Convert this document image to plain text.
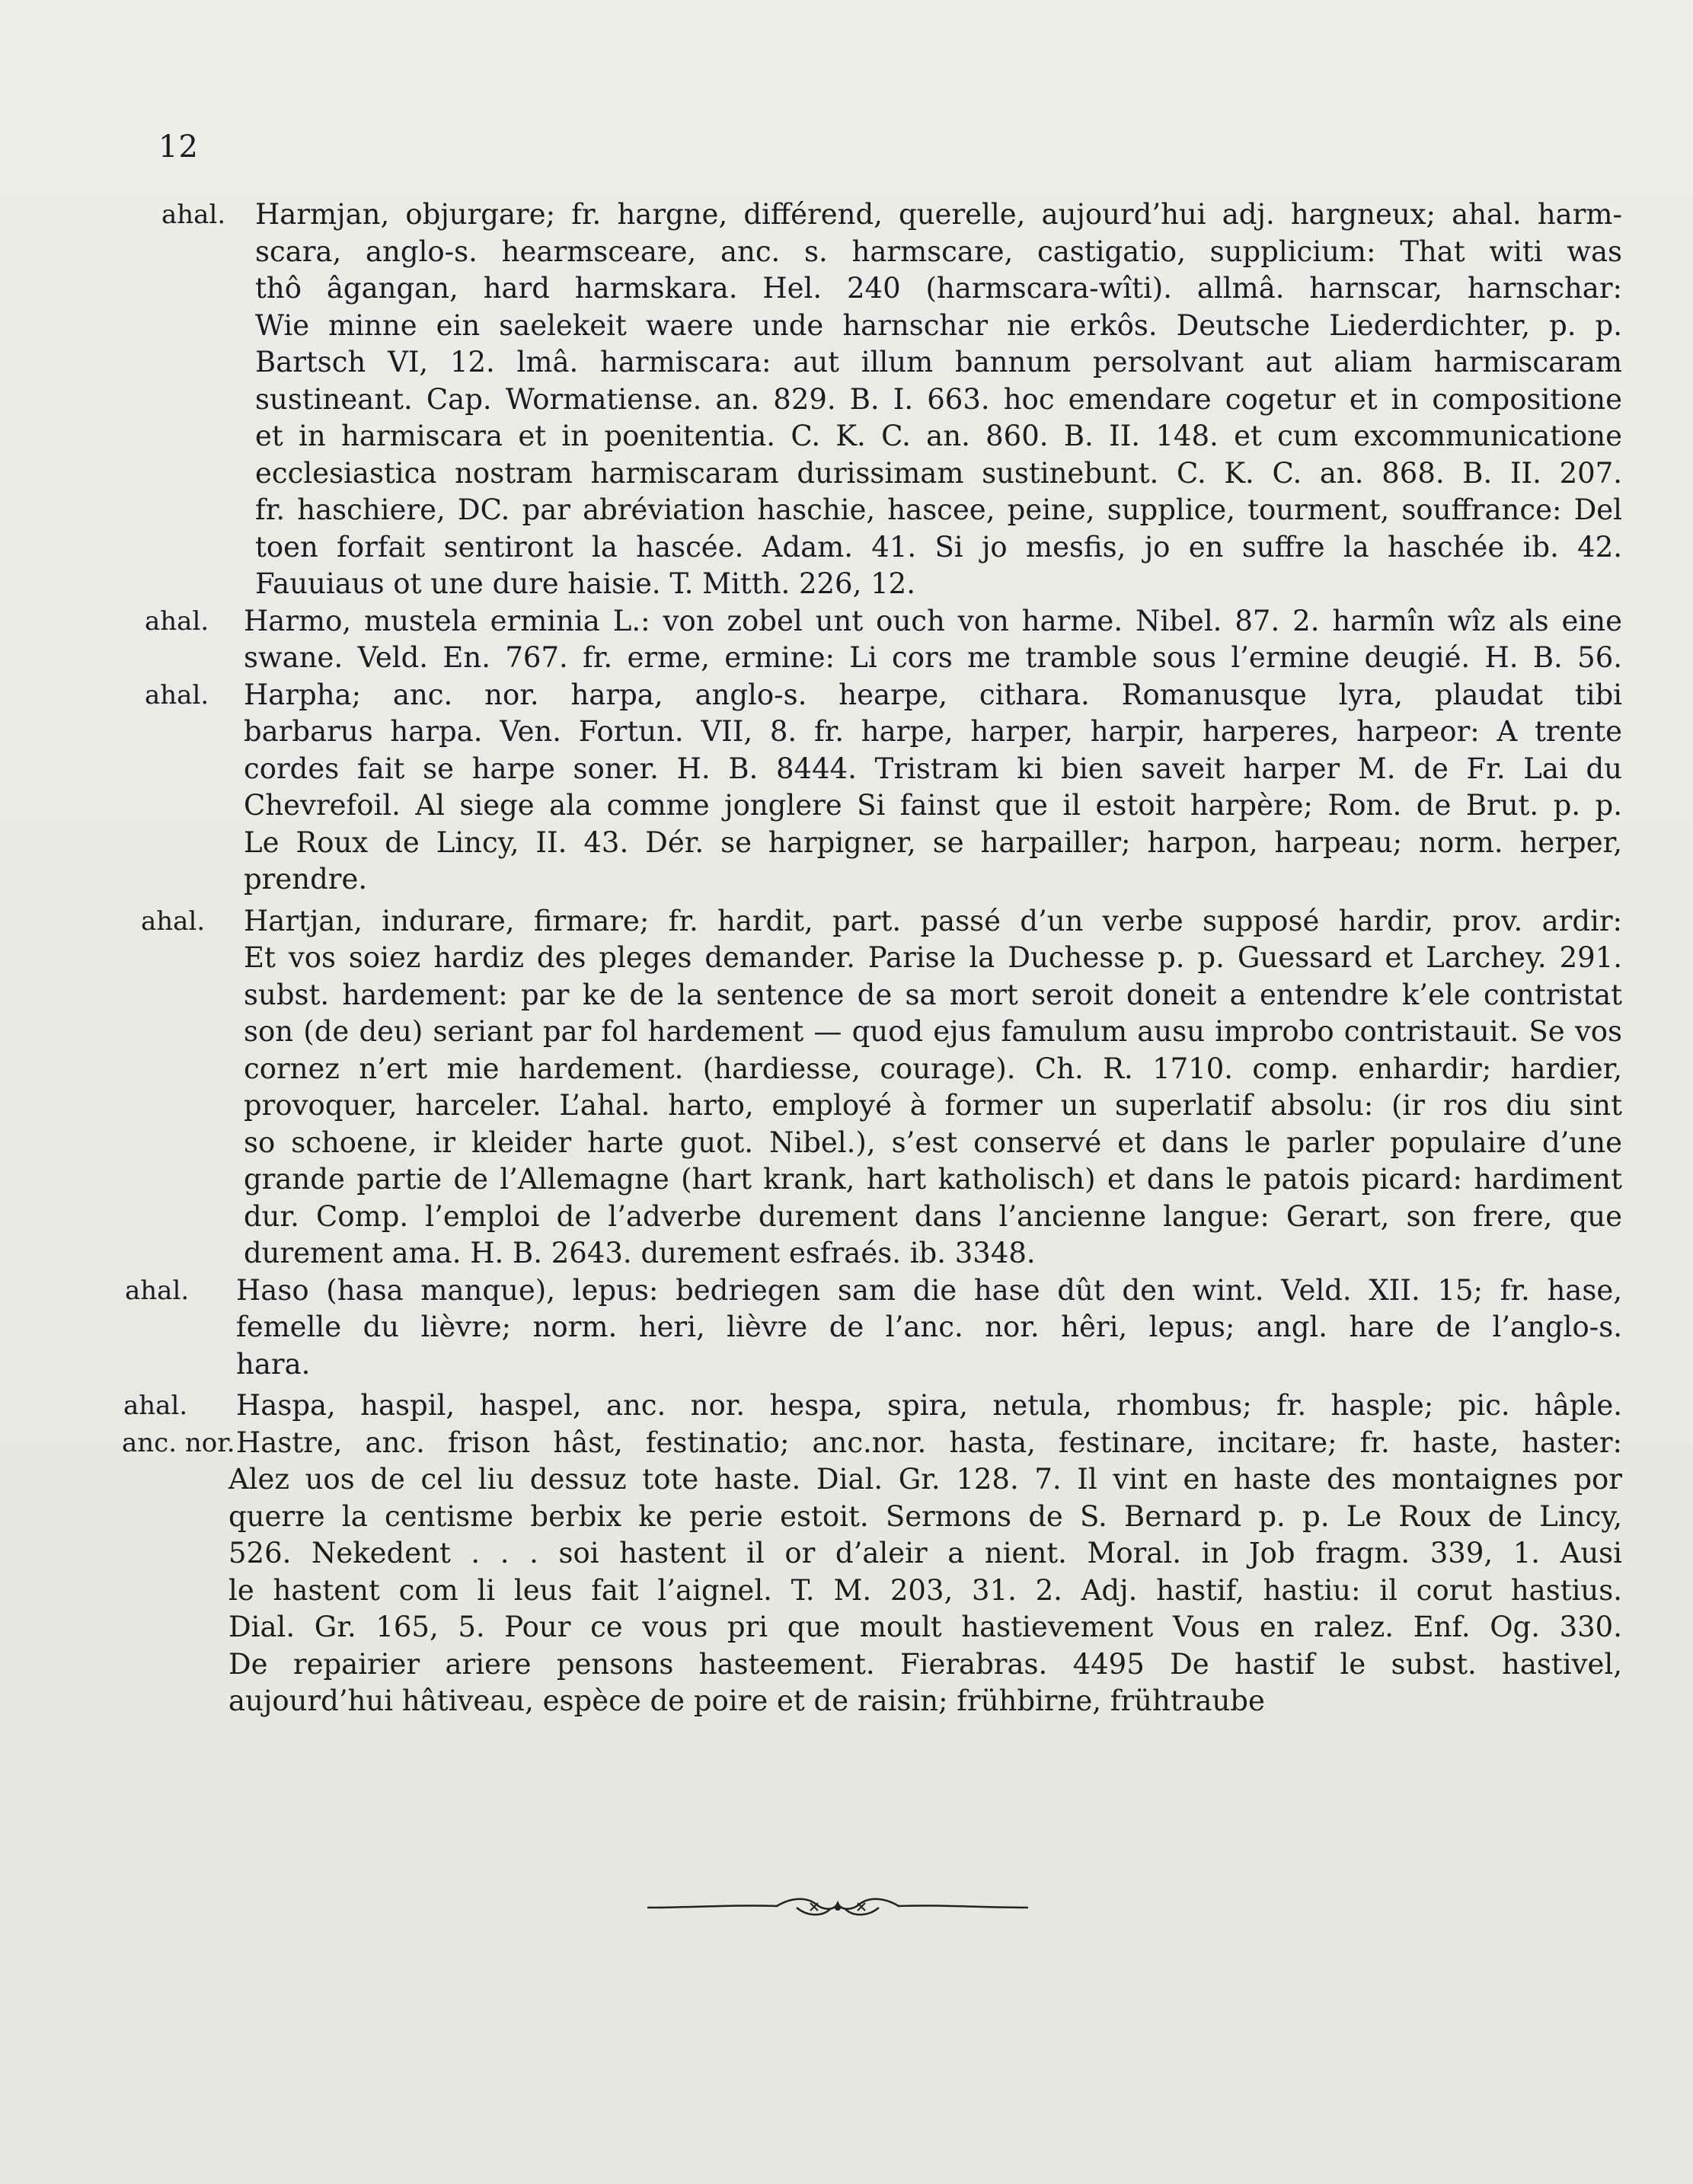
12
ahal.	Harmjan, objurgare; fr. hargne, différend, querelle, aujourd’hui adj. hargneux; ahal. harm-
scara, anglo-s. hearmsceare, anc. s. harmscare, castigatio, supplicium: That witi was
thô âgangan, hard harmskara. Hel. 240 (harmscara-wîti). allmâ. harnscar, harnschar:
Wie minne ein saelekeit waere unde harnschar nie erkôs. Deutsche Liederdichter, p. p.
Bartsch VI, 12. lmâ. harmiscara: aut illum bannum persolvant aut aliam harmiscaram
sustineant. Cap. Wormatiense. an. 829. B. I. 663. hoc emendare cogetur et in compositione
et in harmiscara et in poenitentia. C. K. C. an. 860. B. II. 148. et cum excommunicatione
ecclesiastica nostram harmiscaram durissimam sustinebunt. C. K. C. an. 868. B. II. 207.
fr. haschiere, DC. par abréviation haschie, hascee, peine, supplice, tourment, souffrance: Del
toen forfait sentiront la hascée. Adam. 41. Si jo mesfis, jo en suffre la haschée ib. 42.
Fauuiaus ot une dure haisie. T. Mitth. 226, 12.
ahal.	Harmo, mustela erminia L.: von zobel unt ouch von harme. Nibel. 87. 2. harmîn wîz als eine
swane. Veld. En. 767. fr. erme, ermine: Li cors me tramble sous l’ermine deugié. H. B. 56.
ahal.	Harpha; anc. nor. harpa, anglo-s. hearpe, cithara. Romanusque lyra, plaudat tibi
barbarus harpa. Ven. Fortun. VII, 8. fr. harpe, harper, harpir, harperes, harpeor: A trente
cordes fait se harpe soner. H. B. 8444. Tristram ki bien saveit harper M. de Fr. Lai du
Chevrefoil. Al siege ala comme jonglere Si fainst que il estoit harpère; Rom. de Brut. p. p.
Le Roux de Lincy, II. 43. Dér. se harpigner, se harpailler; harpon, harpeau; norm. herper,
prendre.
ahal.	Hartjan, indurare, firmare; fr. hardit, part. passé d’un verbe supposé hardir, prov. ardir:
Et vos soiez hardiz des pleges demander. Parise la Duchesse p. p. Guessard et Larchey. 291.
subst. hardement: par ke de la sentence de sa mort seroit doneit a entendre k’ele contristat
son (de deu) seriant par fol hardement — quod ejus famulum ausu improbo contristauit. Se vos
cornez n’ert mie hardement. (hardiesse, courage). Ch. R. 1710. comp. enhardir; hardier,
provoquer, harceler. L’ahal. harto, employé à former un superlatif absolu: (ir ros diu sint
so schoene, ir kleider harte guot. Nibel.), s’est conservé et dans le parler populaire d’une
grande partie de l’Allemagne (hart krank, hart katholisch) et dans le patois picard: hardiment
dur. Comp. l’emploi de l’adverbe durement dans l’ancienne langue: Gerart, son frere, que
durement ama. H. B. 2643. durement esfraés. ib. 3348.
ahal.	Haso (hasa manque), lepus: bedriegen sam die hase dût den wint. Veld. XII. 15; fr. hase,
femelle du lièvre; norm. heri, lièvre de l’anc. nor. hêri, lepus; angl. hare de l’anglo-s.
hara.
ahal.	Haspa, haspil, haspel, anc. nor. hespa, spira, netula, rhombus; fr. hasple; pic. hâple.
anc. nor. Hastre, anc. frison hâst, festinatio; anc.nor. hasta, festinare, incitare; fr. haste, haster:
Alez uos de cel liu dessuz tote haste. Dial. Gr. 128. 7. Il vint en haste des montaignes por
querre la centisme berbix ke perie estoit. Sermons de S. Bernard p. p. Le Roux de Lincy,
526. Nekedent . . . soi hastent il or d’aleir a nient. Moral. in Job fragm. 339, 1. Ausi
le hastent com li leus fait l’aignel. T. M. 203, 31. 2. Adj. hastif, hastiu: il corut hastius.
Dial. Gr. 165, 5. Pour ce vous pri que moult hastievement Vous en ralez. Enf. Og. 330.
De repairier ariere pensons hasteement. Fierabras. 4495 De hastif le subst. hastivel,
aujourd’hui hâtiveau, espèce de poire et de raisin; frühbirne, frühtraube
